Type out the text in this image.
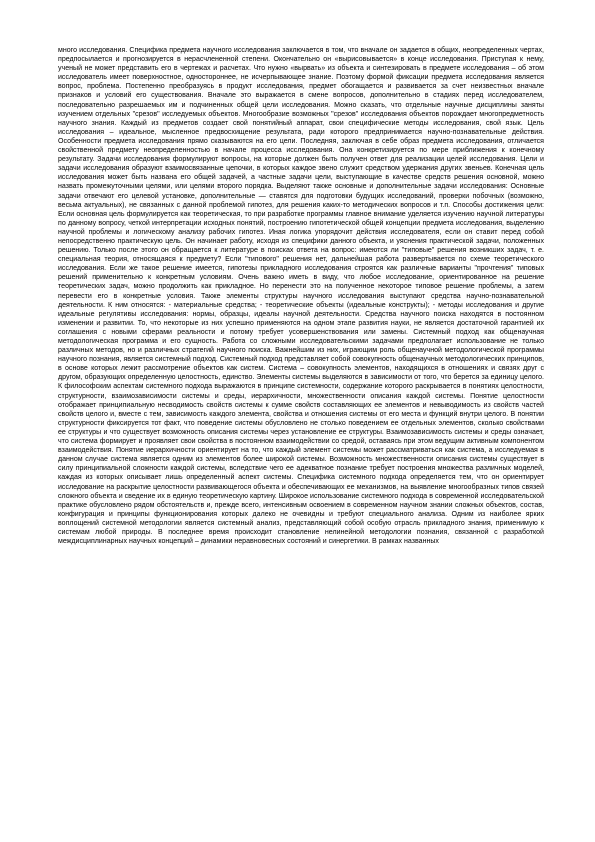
много исследования. Специфика предмета научного исследования заключается в том, что вначале он задается в общих, неопределенных чертах, предпосылается и прогнозируется в нерасчлененной степени. Окончательно он «вырисовывается» в конце исследования. Приступая к нему, ученый не может представить его в чертежах и расчетах. Что нужно «вырвать» из объекта и синтезировать в предмете исследования – об этом исследователь имеет поверхностное, одностороннее, не исчерпывающее знание. Поэтому формой фиксации предмета исследования является вопрос, проблема. Постепенно преобразуясь в продукт исследования, предмет обогащается и развивается за счет неизвестных вначале признаков и условий его существования. Вначале это выражается в смене вопросов, дополнительно в стадиях перед исследователем, последовательно разрешаемых им и подчиненных общей цели исследования. Можно сказать, что отдельные научные дисциплины заняты изучением отдельных "срезов" исследуемых объектов. Многообразие возможных "срезов" исследования объектов порождает многопредметность научного знания. Каждый из предметов создает свой понятийный аппарат, свои специфические методы исследования, свой язык. Цель исследования – идеальное, мысленное предвосхищение результата, ради которого предпринимается научно-познавательные действия. Особенности предмета исследования прямо сказываются на его цели. Последняя, заключая в себе образ предмета исследования, отличается свойственной предмету неопределенностью в начале процесса исследования. Она конкретизируется по мере приближения к конечному результату. Задачи исследования формулируют вопросы, на которые должен быть получен ответ для реализации целей исследования. Цели и задачи исследования образуют взаимосвязанные цепочки, в которых каждое звено служит средством удержания других звеньев. Конечная цель исследования может быть названа его общей задачей, а частные задачи цели, выступающие в качестве средств решения основной, можно назвать промежуточными целями, или целями второго порядка. Выделяют также основные и дополнительные задачи исследования: Основные задачи отвечают его целевой установке, дополнительные — ставятся для подготовки будущих исследований, проверки побочных (возможно, весьма актуальных), не связанных с данной проблемой гипотез, для решения каких-то методических вопросов и т.п. Способы достижения цели: Если основная цель формулируется как теоретическая, то при разработке программы главное внимание уделяется изучению научной литературы по данному вопросу, четкой интерпретации исходных понятий, построению гипотетической общей концепции предмета исследования, выделению научной проблемы и логическому анализу рабочих гипотез. Иная логика упорядочит действия исследователя, если он ставит перед собой непосредственно практическую цель. Он начинает работу, исходя из специфики данного объекта, и уяснения практической задачи, положенных решению. Только после этого он обращается к литературе в поисках ответа на вопрос: имеются ли "типовые" решения возникших задач, т. е. специальная теория, относящаяся к предмету? Если "типового" решения нет, дальнейшая работа развертывается по схеме теоретического исследования. Если же такое решение имеется, гипотезы прикладного исследования строятся как различные варианты "прочтения" типовых решений применительно к конкретным условиям. Очень важно иметь в виду, что любое исследование, ориентированное на решение теоретических задач, можно продолжить как прикладное. Но перенести это на полученное некоторое типовое решение проблемы, а затем перевести его в конкретные условия. Также элементы структуры научного исследования выступают средства научно-познавательной деятельности. К ним относятся: - материальные средства; - теоретические объекты (идеальные конструкты); - методы исследования и другие идеальные регулятивы исследования: нормы, образцы, идеалы научной деятельности. Средства научного поиска находятся в постоянном изменении и развитии. То, что некоторые из них успешно применяются на одном этапе развития науки, не является достаточной гарантией их соглашения с новыми сферами реальности и потому требует усовершенствования или замены. Системный подход как общенаучная методологическая программа и его сущность. Работа со сложными исследовательскими задачами предполагает использование не только различных методов, но и различных стратегий научного поиска. Важнейшим из них, играющим роль общенаучной методологической программы научного познания, является системный подход. Системный подход представляет собой совокупность общенаучных методологических принципов, в основе которых лежит рассмотрение объектов как систем. Система – совокупность элементов, находящихся в отношениях и связях друг с другом, образующих определенную целостность, единство. Элементы системы выделяются в зависимости от того, что берется за единицу целого. К философским аспектам системного подхода выражаются в принципе системности, содержание которого раскрывается в понятиях целостности, структурности, взаимозависимости системы и среды, иерархичности, множественности описания каждой системы. Понятие целостности отображает принципиальную несводимость свойств системы к сумме свойств составляющих ее элементов и невыводимость из свойств частей свойств целого и, вместе с тем, зависимость каждого элемента, свойства и отношения системы от его места и функций внутри целого. В понятии структурности фиксируется тот факт, что поведение системы обусловлено не столько поведением ее отдельных элементов, сколько свойствами ее структуры и что существует возможность описания системы через установление ее структуры. Взаимозависимость системы и среды означает, что система формирует и проявляет свои свойства в постоянном взаимодействии со средой, оставаясь при этом ведущим активным компонентом взаимодействия. Понятие иерархичности ориентирует на то, что каждый элемент системы может рассматриваться как система, а исследуемая в данном случае система является одним из элементов более широкой системы. Возможность множественности описания системы существует в силу принципиальной сложности каждой системы, вследствие чего ее адекватное познание требует построения множества различных моделей, каждая из которых описывает лишь определенный аспект системы. Специфика системного подхода определяется тем, что он ориентирует исследование на раскрытие целостности развивающегося объекта и обеспечивающих ее механизмов, на выявление многообразных типов связей сложного объекта и сведение их в единую теоретическую картину. Широкое использование системного подхода в современной исследовательской практике обусловлено рядом обстоятельств и, прежде всего, интенсивным освоением в современном научном знании сложных объектов, состав, конфигурация и принципы функционирования которых далеко не очевидны и требуют специального анализа. Одним из наиболее ярких воплощений системной методологии является системный анализ, представляющий собой особую отрасль прикладного знания, применимую к системам любой природы. В последнее время происходит становление нелинейной методологии познания, связанной с разработкой междисциплинарных научных концепций – динамики неравновесных состояний и синергетики. В рамках названных
